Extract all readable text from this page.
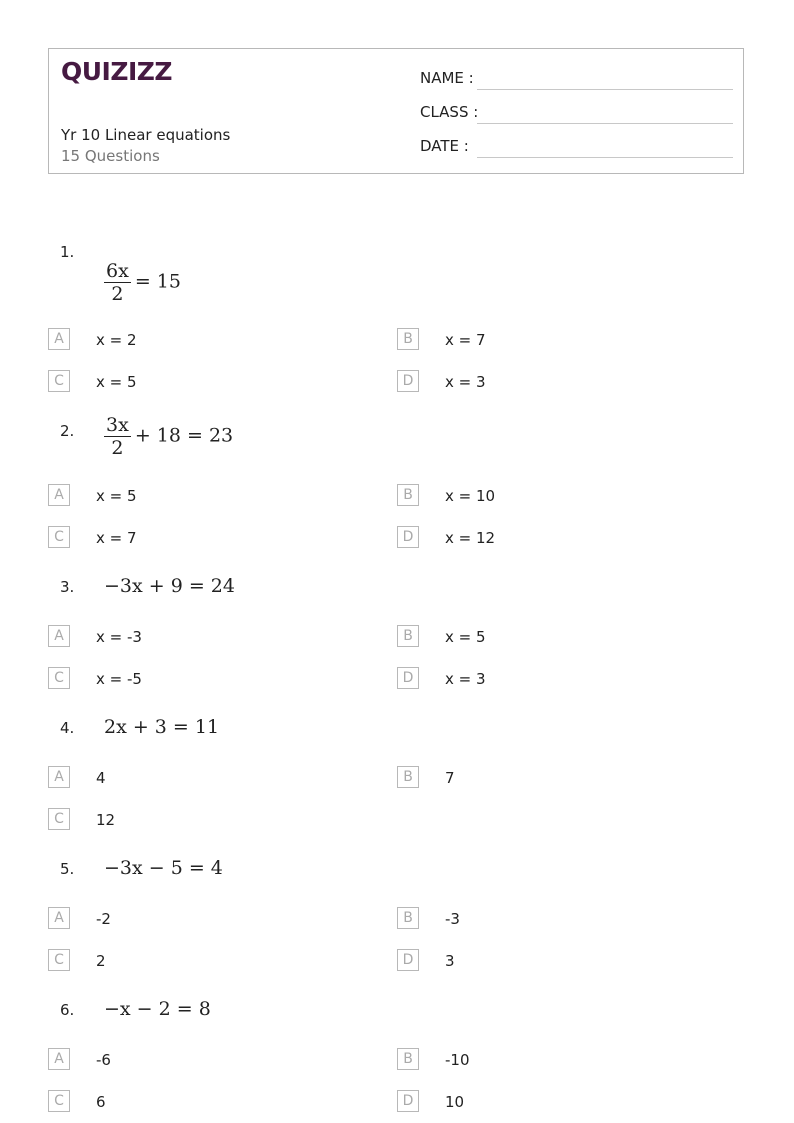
QUIZIZZ
Yr 10 Linear equations
15 Questions
NAME :
CLASS :
DATE :
1.
$\frac{6x}{2} = 15$
A	x = 2	B	x = 7
C	x = 5	D	x = 3
2. $\frac{3x}{2} + 18 = 23$
A	x = 5	B	x = 10
C	x = 7	D	x = 12
3. −3x + 9 = 24
A	x = -3	B	x = 5
C	x = -5	D	x = 3
4. 2x + 3 = 11
A	4	B	7
C	12
5. −3x − 5 = 4
A	-2	B	-3
C	2	D	3
6. −x − 2 = 8
A	-6	B	-10
C	6	D	10
